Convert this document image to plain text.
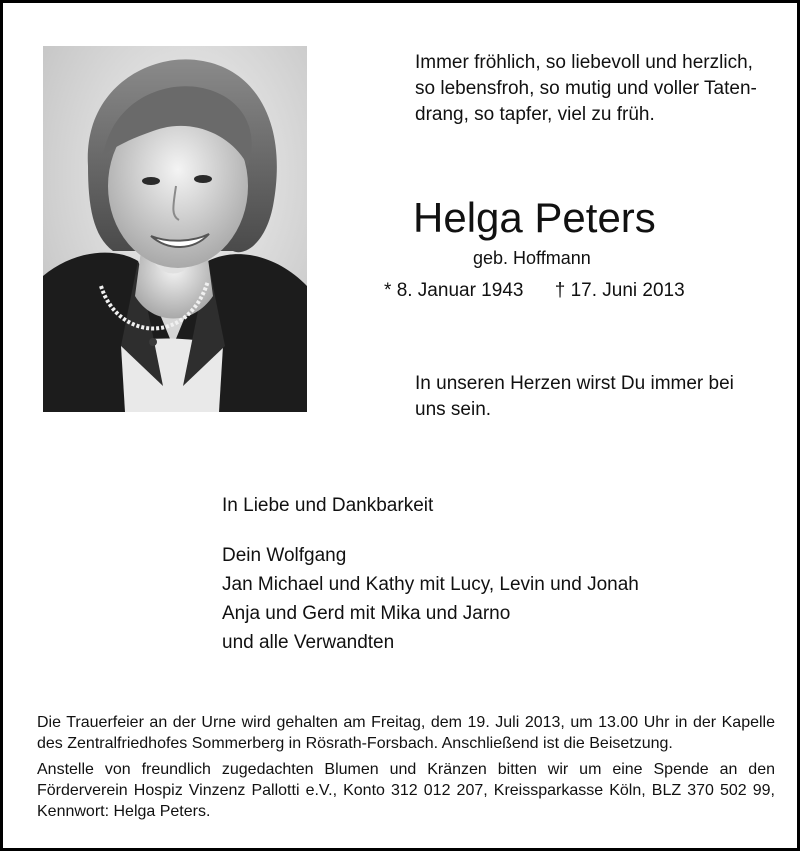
Immer fröhlich, so liebevoll und herzlich,
so lebensfroh, so mutig und voller Taten-
drang, so tapfer, viel zu früh.
Helga Peters
geb. Hoffmann
* 8. Januar 1943 † 17. Juni 2013
In unseren Herzen wirst Du immer bei
uns sein.
In Liebe und Dankbarkeit
Dein Wolfgang
Jan Michael und Kathy mit Lucy, Levin und Jonah
Anja und Gerd mit Mika und Jarno
und alle Verwandten

Die Trauerfeier an der Urne wird gehalten am Freitag, dem 19. Juli 2013, um 13.00 Uhr in der Kapelle des Zentralfriedhofes Sommerberg in Rösrath-Forsbach. Anschließend ist die Beisetzung.

Anstelle von freundlich zugedachten Blumen und Kränzen bitten wir um eine Spende an den Förderverein Hospiz Vinzenz Pallotti e.V., Konto 312 012 207, Kreissparkasse Köln, BLZ 370 502 99, Kennwort: Helga Peters.
